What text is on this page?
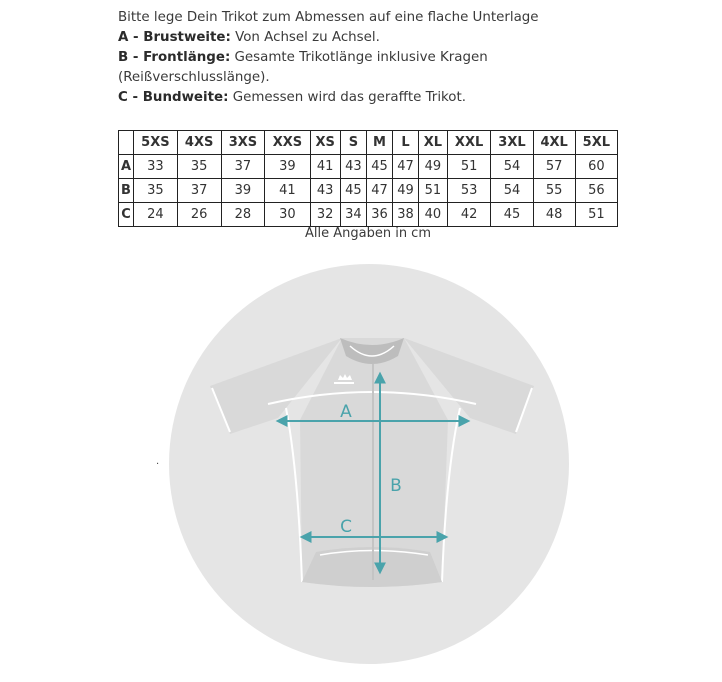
Bitte lege Dein Trikot zum Abmessen auf eine flache Unterlage

A - Brustweite: Von Achsel zu Achsel.

B - Frontlänge: Gesamte Trikotlänge inklusive Kragen (Reißverschlusslänge).

C - Bundweite: Gemessen wird das geraffte Trikot.

	5XS	4XS	3XS	XXS	XS	S	M	L	XL	XXL	3XL	4XL	5XL
A	33	35	37	39	41	43	45	47	49	51	54	57	60
B	35	37	39	41	43	45	47	49	51	53	54	55	56
C	24	26	28	30	32	34	36	38	40	42	45	48	51
Alle Angaben in cm
.
A
B
C
